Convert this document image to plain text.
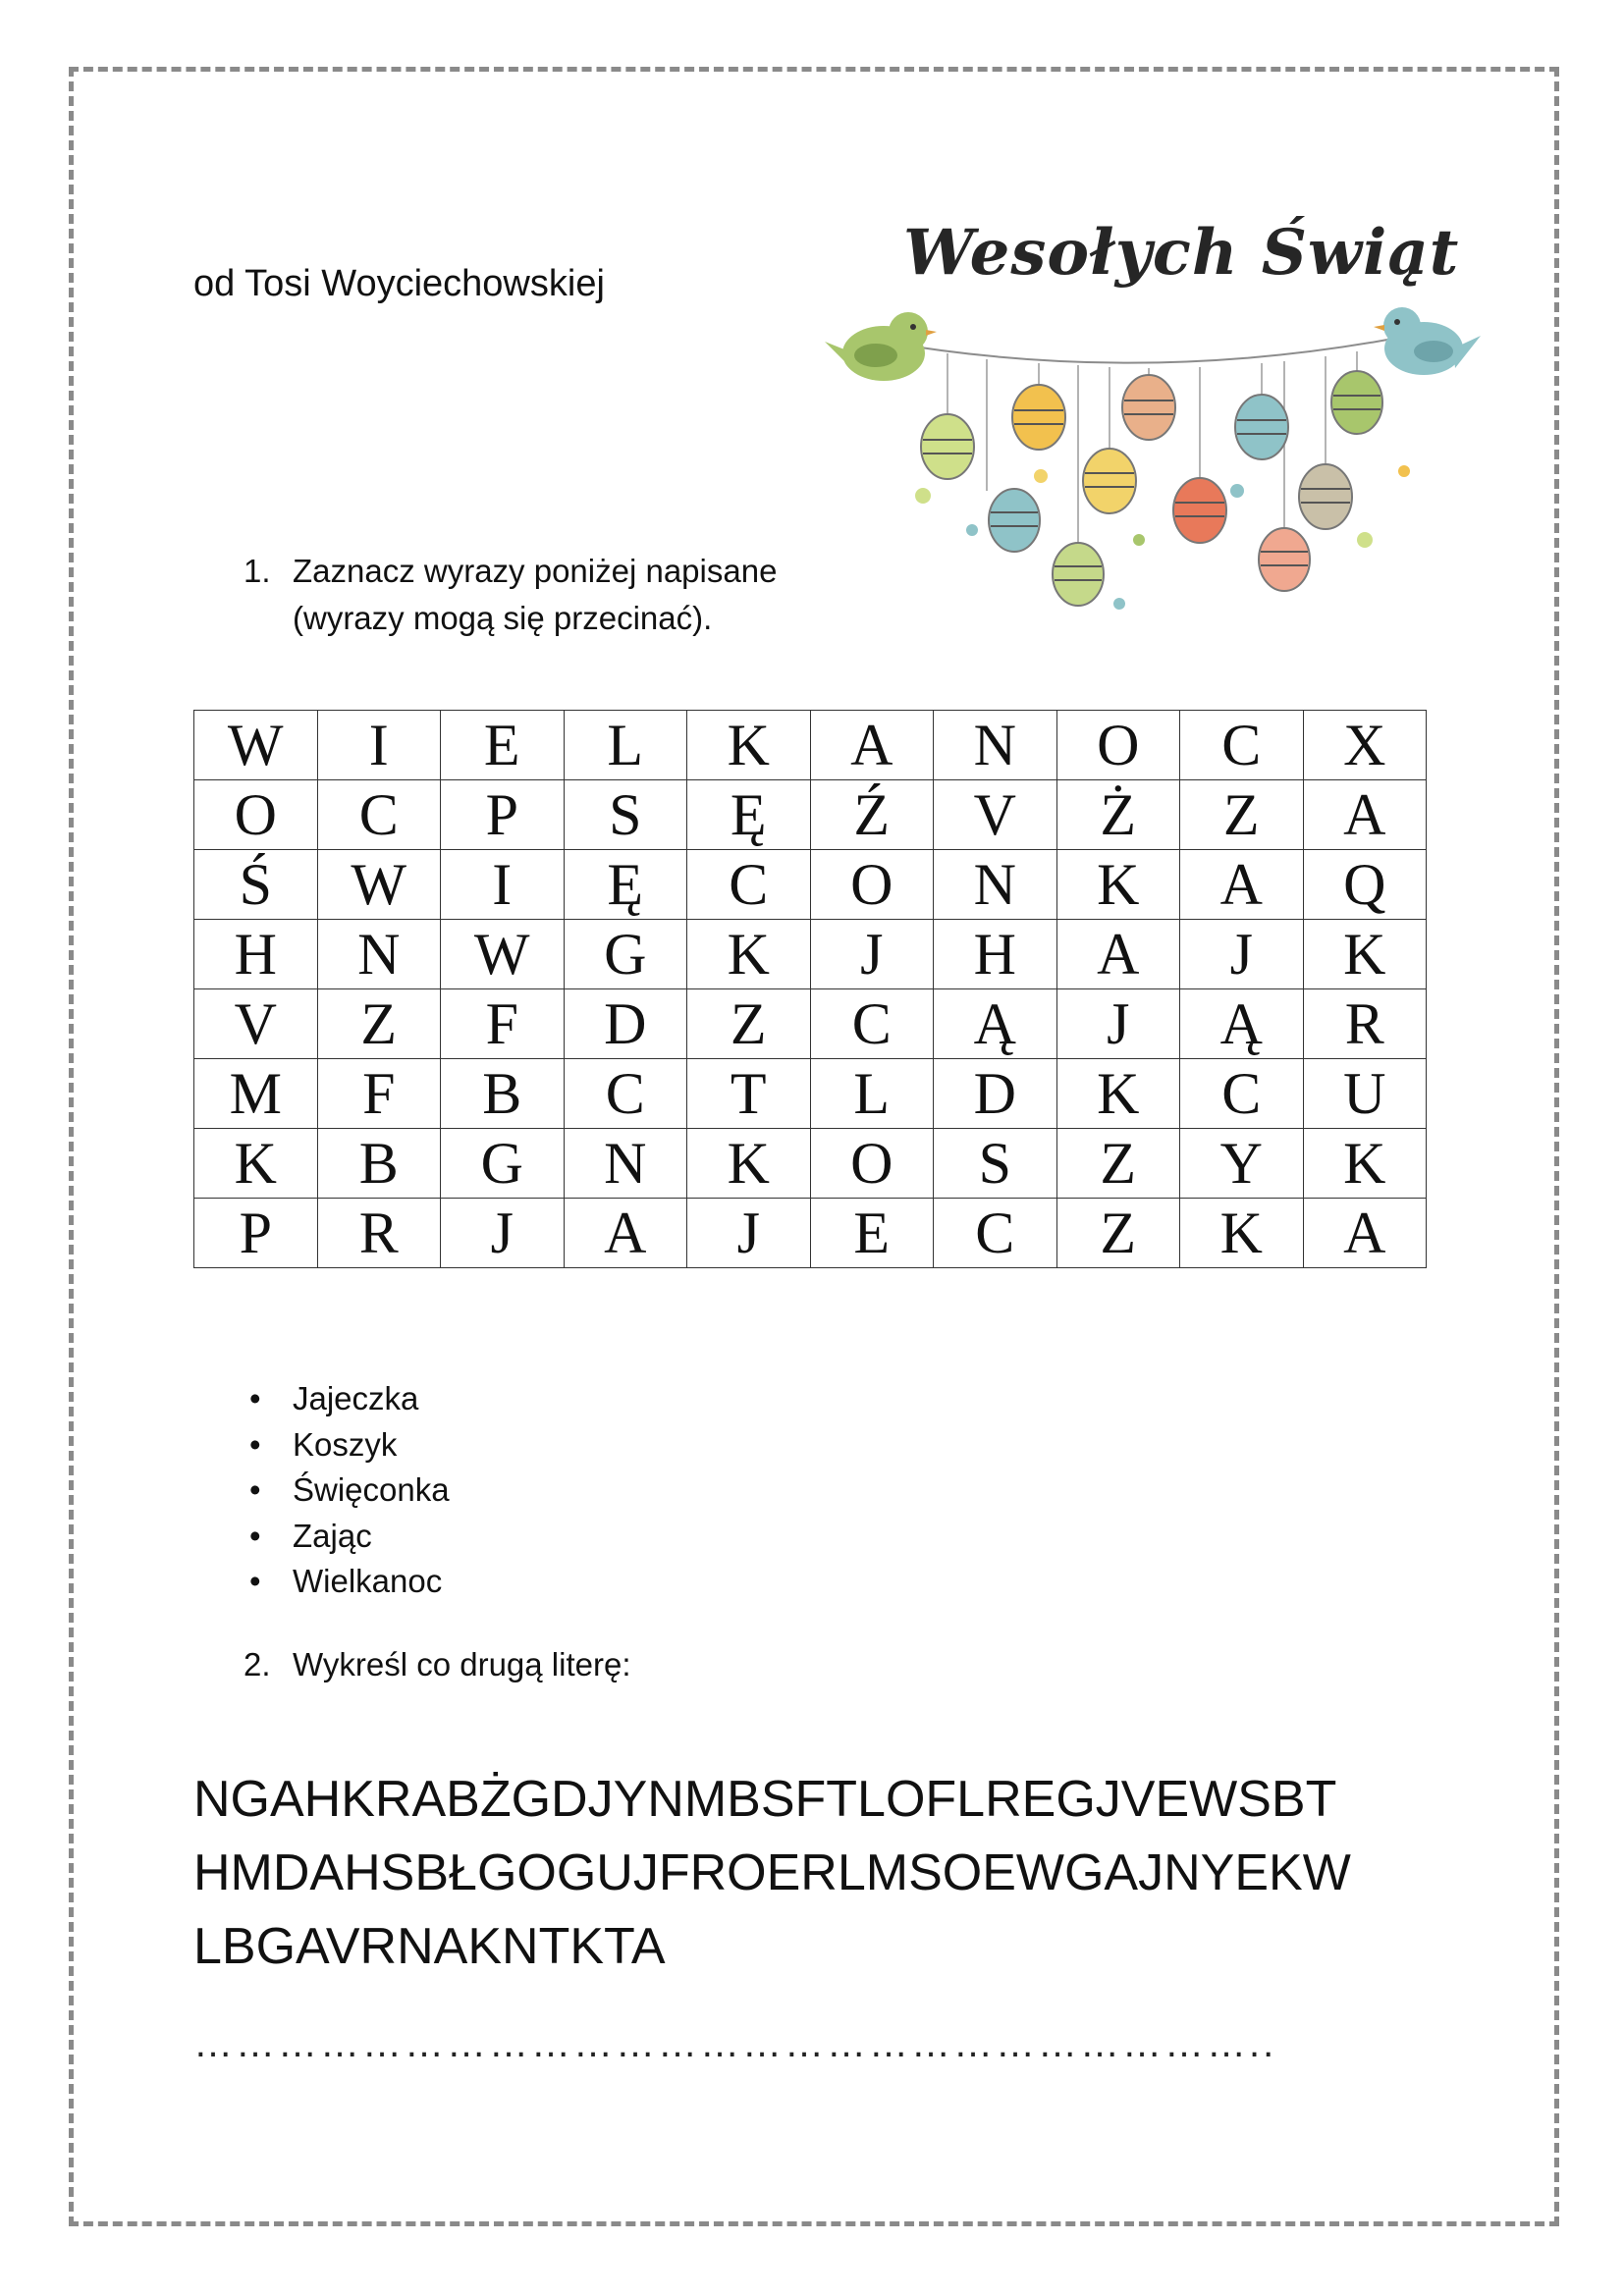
od Tosi Woyciechowskiej	Wesołych Świąt
1. Zaznacz wyrazy poniżej napisane (wyrazy mogą się przecinać).
W	I	E	L	K	A	N	O	C	X
O	C	P	S	Ę	Ź	V	Ż	Z	A
Ś	W	I	Ę	C	O	N	K	A	Q
H	N	W	G	K	J	H	A	J	K
V	Z	F	D	Z	C	Ą	J	Ą	R
M	F	B	C	T	L	D	K	C	U
K	B	G	N	K	O	S	Z	Y	K
P	R	J	A	J	E	C	Z	K	A
• Jajeczka
• Koszyk
• Święconka
• Zając
• Wielkanoc
2. Wykreśl co drugą literę:
NGAHKRABŻGDJYNMBSFTLOFLREGJVEWSBT
HMDAHSBŁGOGUJFROERLMSOEWGAJNYEKW
LBGAVRNAKNTKTA
…………………………………………………………………..
